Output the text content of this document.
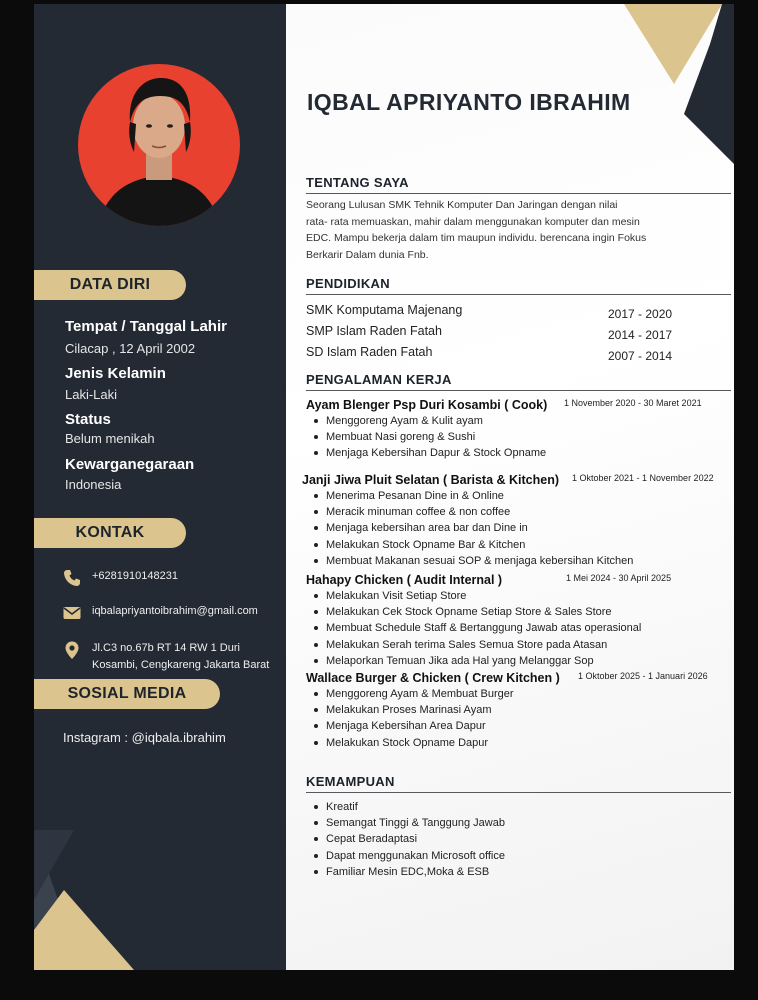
DATA DIRI
Tempat / Tanggal Lahir
Cilacap , 12 April 2002
Jenis Kelamin
Laki-Laki
Status
Belum menikah
Kewarganegaraan
Indonesia
KONTAK
+6281910148231
iqbalapriyantoibrahim@gmail.com
Jl.C3 no.67b RT 14 RW 1 Duri
Kosambi, Cengkareng Jakarta Barat
SOSIAL MEDIA
Instagram : @iqbala.ibrahim
IQBAL APRIYANTO IBRAHIM
TENTANG SAYA
Seorang Lulusan SMK Tehnik Komputer Dan Jaringan dengan nilai
rata- rata memuaskan, mahir dalam menggunakan komputer dan mesin
EDC. Mampu bekerja dalam tim maupun individu. berencana ingin Fokus
Berkarir Dalam dunia Fnb.
PENDIDIKAN
SMK Komputama Majenang	2017 - 2020
SMP Islam Raden Fatah	2014 - 2017
SD Islam Raden Fatah	2007 - 2014
PENGALAMAN KERJA
Ayam Blenger Psp Duri Kosambi ( Cook) 1 November 2020 - 30 Maret 2021
Menggoreng Ayam & Kulit ayam
Membuat Nasi goreng & Sushi
Menjaga Kebersihan Dapur & Stock Opname
Janji Jiwa Pluit Selatan ( Barista & Kitchen) 1 Oktober 2021 - 1 November 2022
Menerima Pesanan Dine in & Online
Meracik minuman coffee & non coffee
Menjaga kebersihan area bar dan Dine in
Melakukan Stock Opname Bar & Kitchen
Membuat Makanan sesuai SOP & menjaga kebersihan Kitchen
Hahapy Chicken ( Audit Internal )	1 Mei 2024 - 30 April 2025
Melakukan Visit Setiap Store
Melakukan Cek Stock Opname Setiap Store & Sales Store
Membuat Schedule Staff & Bertanggung Jawab atas operasional
Melakukan Serah terima Sales Semua Store pada Atasan
Melaporkan Temuan Jika ada Hal yang Melanggar Sop
Wallace Burger & Chicken ( Crew Kitchen ) 1 Oktober 2025 - 1 Januari 2026
Menggoreng Ayam & Membuat Burger
Melakukan Proses Marinasi Ayam
Menjaga Kebersihan Area Dapur
Melakukan Stock Opname Dapur
KEMAMPUAN
Kreatif
Semangat Tinggi & Tanggung Jawab
Cepat Beradaptasi
Dapat menggunakan Microsoft office
Familiar Mesin EDC,Moka & ESB
